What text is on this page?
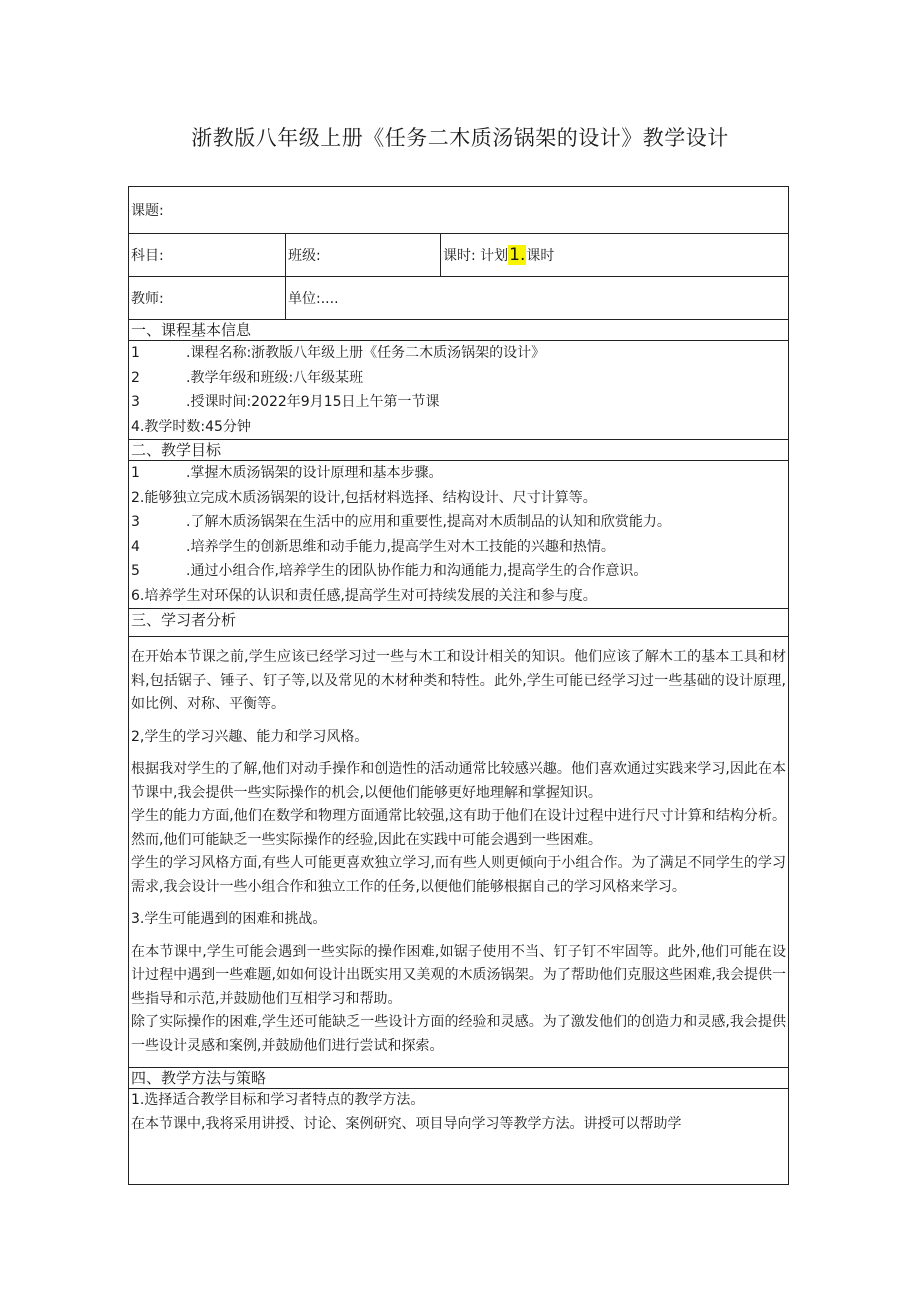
浙教版八年级上册《任务二木质汤锅架的设计》教学设计
课题:		
科目:	班级:	课时: 计划1.课时
教师:	单位:....	
一、课程基本信息
1	.课程名称:浙教版八年级上册《任务二木质汤锅架的设计》
2	.教学年级和班级:八年级某班
3	.授课时间:2022年9月15日上午第一节课
4.教学时数:45分钟
二、教学目标
1	.掌握木质汤锅架的设计原理和基本步骤。
2.能够独立完成木质汤锅架的设计,包括材料选择、结构设计、尺寸计算等。
3	.了解木质汤锅架在生活中的应用和重要性,提高对木质制品的认知和欣赏能力。
4	.培养学生的创新思维和动手能力,提高学生对木工技能的兴趣和热情。
5	.通过小组合作,培养学生的团队协作能力和沟通能力,提高学生的合作意识。
6.培养学生对环保的认识和责任感,提高学生对可持续发展的关注和参与度。
三、学习者分析
在开始本节课之前,学生应该已经学习过一些与木工和设计相关的知识。他们应该了解木工的基本工具和材料,包括锯子、锤子、钉子等,以及常见的木材种类和特性。此外,学生可能已经学习过一些基础的设计原理,如比例、对称、平衡等。
2,学生的学习兴趣、能力和学习风格。
根据我对学生的了解,他们对动手操作和创造性的活动通常比较感兴趣。他们喜欢通过实践来学习,因此在本节课中,我会提供一些实际操作的机会,以便他们能够更好地理解和掌握知识。
学生的能力方面,他们在数学和物理方面通常比较强,这有助于他们在设计过程中进行尺寸计算和结构分析。然而,他们可能缺乏一些实际操作的经验,因此在实践中可能会遇到一些困难。
学生的学习风格方面,有些人可能更喜欢独立学习,而有些人则更倾向于小组合作。为了满足不同学生的学习需求,我会设计一些小组合作和独立工作的任务,以便他们能够根据自己的学习风格来学习。
3.学生可能遇到的困难和挑战。
在本节课中,学生可能会遇到一些实际的操作困难,如锯子使用不当、钉子钉不牢固等。此外,他们可能在设计过程中遇到一些难题,如如何设计出既实用又美观的木质汤锅架。为了帮助他们克服这些困难,我会提供一些指导和示范,并鼓励他们互相学习和帮助。
除了实际操作的困难,学生还可能缺乏一些设计方面的经验和灵感。为了激发他们的创造力和灵感,我会提供一些设计灵感和案例,并鼓励他们进行尝试和探索。
四、教学方法与策略
1.选择适合教学目标和学习者特点的教学方法。
在本节课中,我将采用讲授、讨论、案例研究、项目导向学习等教学方法。讲授可以帮助学
